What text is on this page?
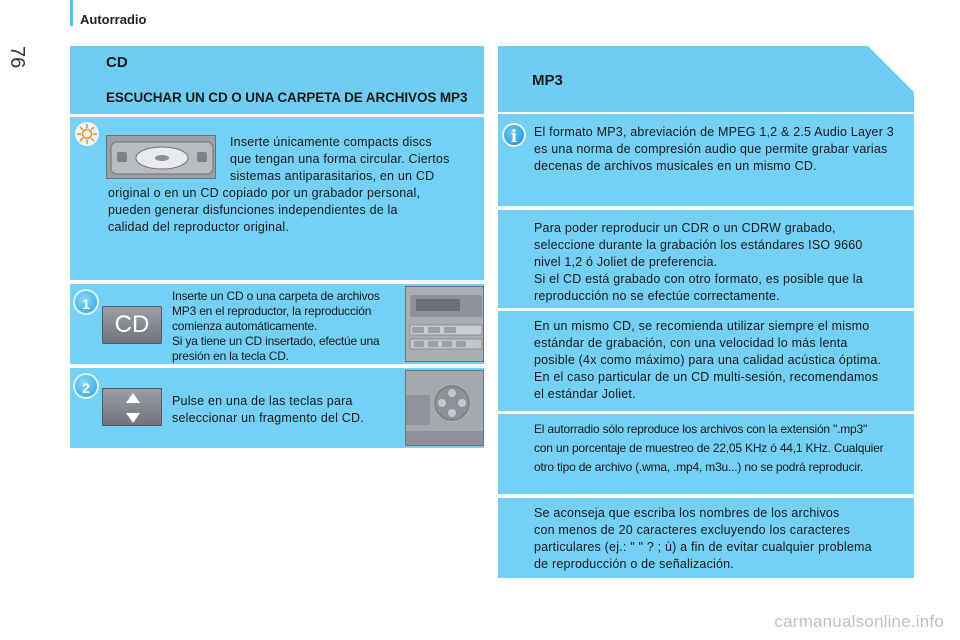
Autorradio
76	CD
ESCUCHAR UN CD O UNA CARPETA DE ARCHIVOS MP3
Inserte únicamente compacts discs
que tengan una forma circular. Ciertos
sistemas antiparasitarios, en un CD
original o en un CD copiado por un grabador personal,
pueden generar disfunciones independientes de la
calidad del reproductor original.
1
CD
Inserte un CD o una carpeta de archivos
MP3 en el reproductor, la reproducción
comienza automáticamente.
Si ya tiene un CD insertado, efectúe una
presión en la tecla CD.
2
Pulse en una de las teclas para
seleccionar un fragmento del CD.
MP3
i	El formato MP3, abreviación de MPEG 1,2 & 2.5 Audio Layer 3
es una norma de compresión audio que permite grabar varias
decenas de archivos musicales en un mismo CD.
Para poder reproducir un CDR o un CDRW grabado,
seleccione durante la grabación los estándares ISO 9660
nivel 1,2 ó Joliet de preferencia.
Si el CD está grabado con otro formato, es posible que la
reproducción no se efectúe correctamente.
En un mismo CD, se recomienda utilizar siempre el mismo
estándar de grabación, con una velocidad lo más lenta
posible (4x como máximo) para una calidad acústica óptima.
En el caso particular de un CD multi-sesión, recomendamos
el estándar Joliet.
El autorradio sólo reproduce los archivos con la extensión ".mp3"
con un porcentaje de muestreo de 22,05 KHz ó 44,1 KHz. Cualquier
otro tipo de archivo (.wma, .mp4, m3u...) no se podrá reproducir.
Se aconseja que escriba los nombres de los archivos
con menos de 20 caracteres excluyendo los caracteres
particulares (ej.: " " ? ; ù) a fin de evitar cualquier problema
de reproducción o de señalización.
carmanualsonline.info
